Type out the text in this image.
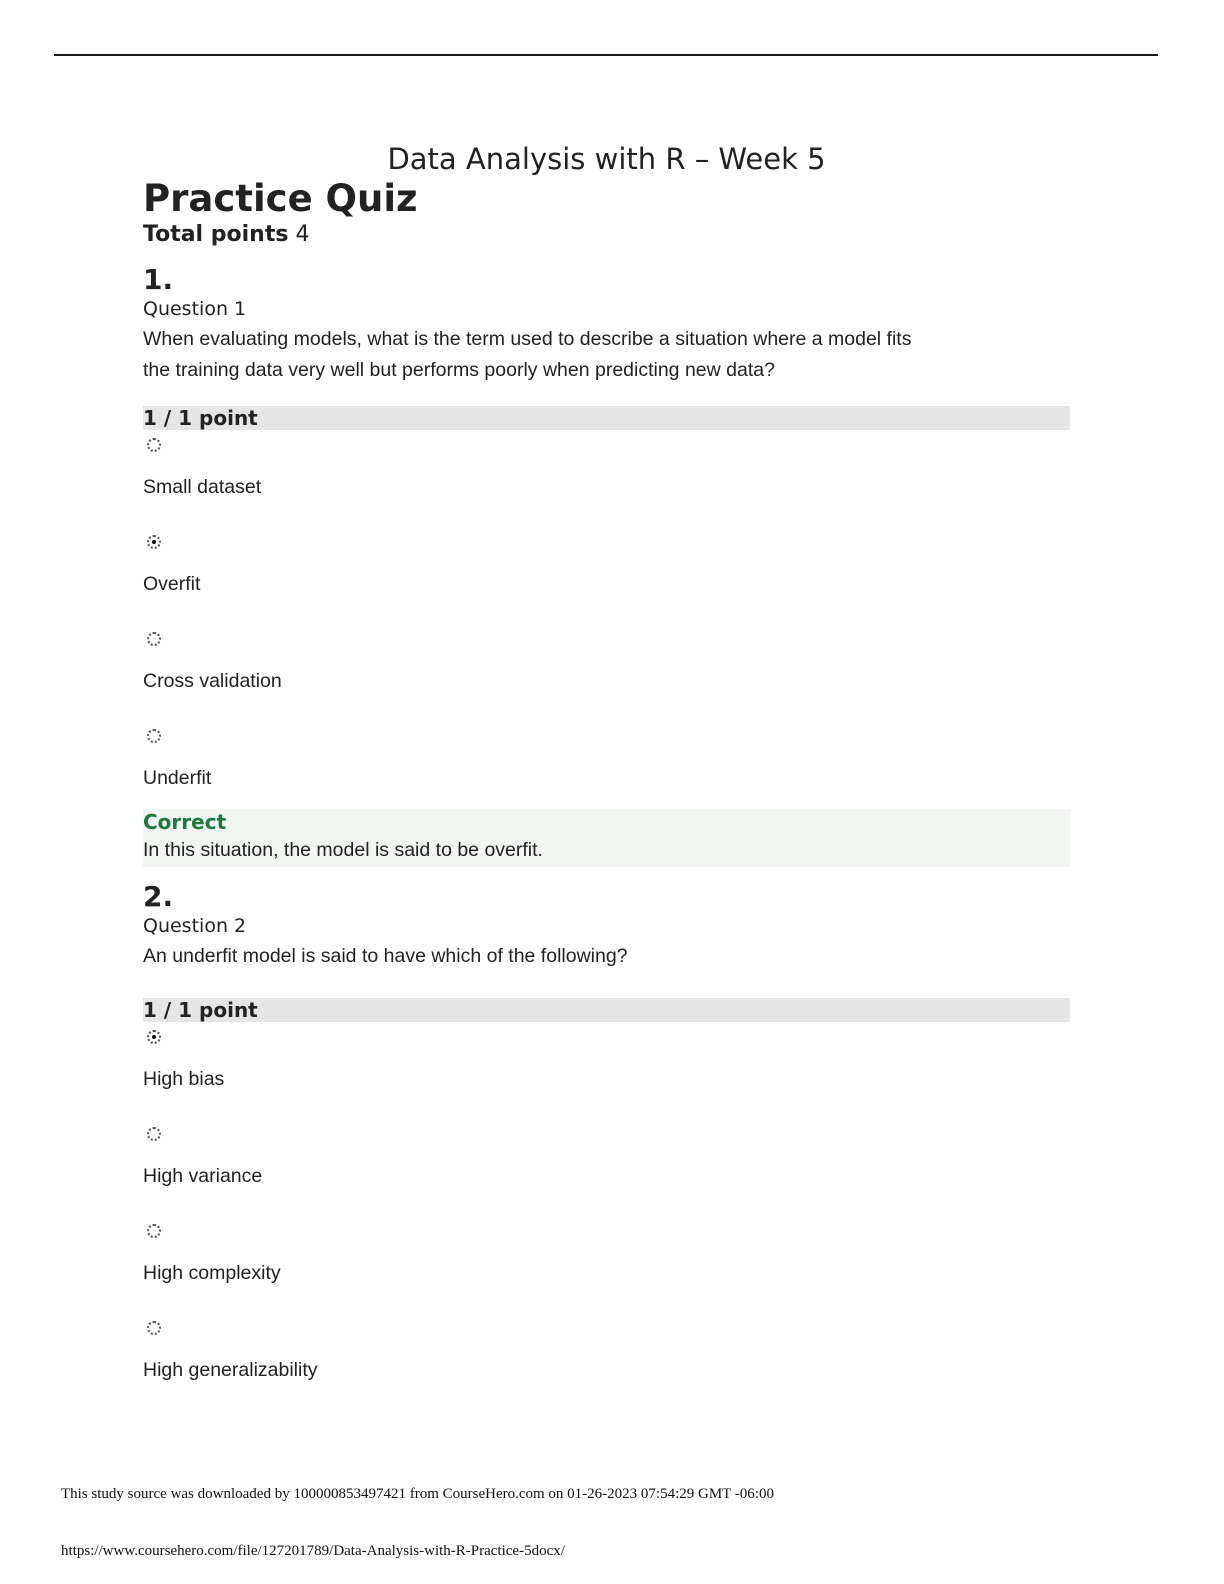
Data Analysis with R – Week 5
Practice Quiz

Total points 4

1.
Question 1
When evaluating models, what is the term used to describe a situation where a model fits
the training data very well but performs poorly when predicting new data?
1 / 1 point
Small dataset
Overfit
Cross validation
Underfit
Correct
In this situation, the model is said to be overfit.
2.
Question 2
An underfit model is said to have which of the following?
1 / 1 point
High bias
High variance
High complexity
High generalizability
This study source was downloaded by 100000853497421 from CourseHero.com on 01-26-2023 07:54:29 GMT -06:00
https://www.coursehero.com/file/127201789/Data-Analysis-with-R-Practice-5docx/
